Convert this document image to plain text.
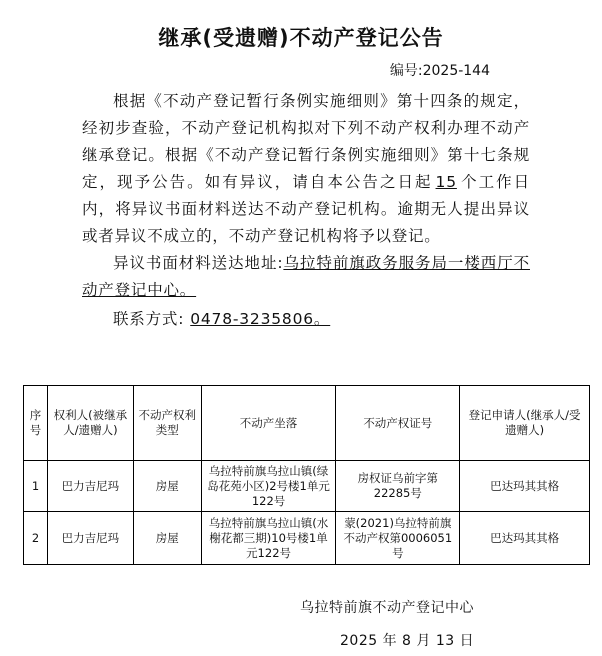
继承(受遗赠)不动产登记公告
编号:2025-144

根据《不动产登记暂行条例实施细则》第十四条的规定，经初步查验，不动产登记机构拟对下列不动产权利办理不动产继承登记。根据《不动产登记暂行条例实施细则》第十七条规定，现予公告。如有异议，请自本公告之日起 15 个工作日内，将异议书面材料送达不动产登记机构。逾期无人提出异议或者异议不成立的，不动产登记机构将予以登记。

异议书面材料送达地址:乌拉特前旗政务服务局一楼西厅不动产登记中心。

联系方式: 0478-3235806。

序号	权利人(被继承人/遗赠人)	不动产权利类型	不动产坐落	不动产权证号	登记申请人(继承人/受遗赠人)
1	巴力吉尼玛	房屋	乌拉特前旗乌拉山镇(绿岛花苑小区)2号楼1单元122号	房权证乌前字第22285号	巴达玛其其格
2	巴力吉尼玛	房屋	乌拉特前旗乌拉山镇(水榭花都三期)10号楼1单元122号	蒙(2021)乌拉特前旗不动产权第0006051号	巴达玛其其格
乌拉特前旗不动产登记中心
2025 年 8 月 13 日
